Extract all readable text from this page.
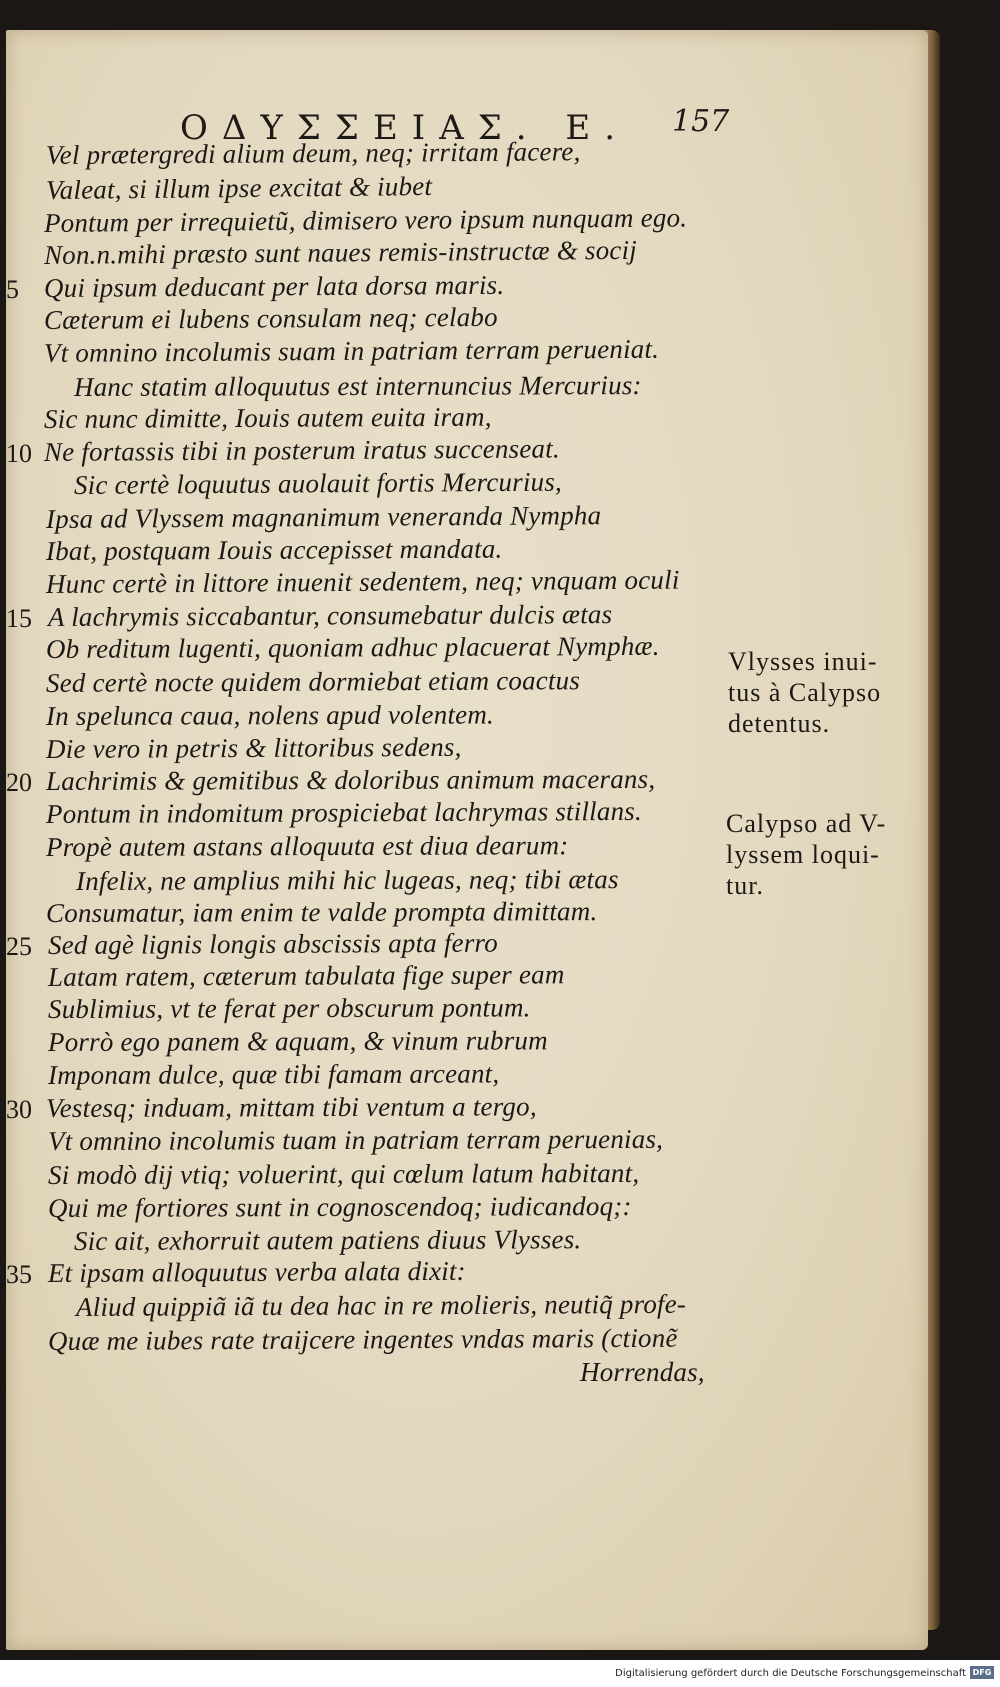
ΟΔΥΣΣΕΙΑΣ. Ε. 157
Vel prætergredi alium deum, neq; irritam facere,
Valeat, si illum ipse excitat & iubet
Pontum per irrequietũ, dimisero vero ipsum nunquam ego.
Non.n.mihi præsto sunt naues remis-instructæ & socij
Qui ipsum deducant per lata dorsa maris.
5
Cæterum ei lubens consulam neq; celabo
Vt omnino incolumis suam in patriam terram perueniat.
Hanc statim alloquutus est internuncius Mercurius:
Sic nunc dimitte, Iouis autem euita iram,
Ne fortassis tibi in posterum iratus succenseat.
10
Sic certè loquutus auolauit fortis Mercurius,
Ipsa ad Vlyssem magnanimum veneranda Nympha
Ibat, postquam Iouis accepisset mandata.
Hunc certè in littore inuenit sedentem, neq; vnquam oculi
A lachrymis siccabantur, consumebatur dulcis ætas
15
Ob reditum lugenti, quoniam adhuc placuerat Nymphæ.
Sed certè nocte quidem dormiebat etiam coactus
In spelunca caua, nolens apud volentem.
Die vero in petris & littoribus sedens,
Lachrimis & gemitibus & doloribus animum macerans,
20
Pontum in indomitum prospiciebat lachrymas stillans.
Propè autem astans alloquuta est diua dearum:
Infelix, ne amplius mihi hic lugeas, neq; tibi ætas
Consumatur, iam enim te valde prompta dimittam.
Sed agè lignis longis abscissis apta ferro
25
Latam ratem, cæterum tabulata fige super eam
Sublimius, vt te ferat per obscurum pontum.
Porrò ego panem & aquam, & vinum rubrum
Imponam dulce, quæ tibi famam arceant,
Vestesq; induam, mittam tibi ventum a tergo,
30
Vt omnino incolumis tuam in patriam terram peruenias,
Si modò dij vtiq; voluerint, qui cœlum latum habitant,
Qui me fortiores sunt in cognoscendoq; iudicandoq;:
Sic ait, exhorruit autem patiens diuus Vlysses.
Et ipsam alloquutus verba alata dixit:
35
Aliud quippiã iã tu dea hac in re molieris, neutiq̃ profe-
Quæ me iubes rate traijcere ingentes vndas maris (ctionẽ
Horrendas,
Vlysses inui-
tus à Calypso
detentus.
Calypso ad V-
lyssem loqui-
tur.
Digitalisierung gefördert durch die Deutsche Forschungsgemeinschaft DFG
